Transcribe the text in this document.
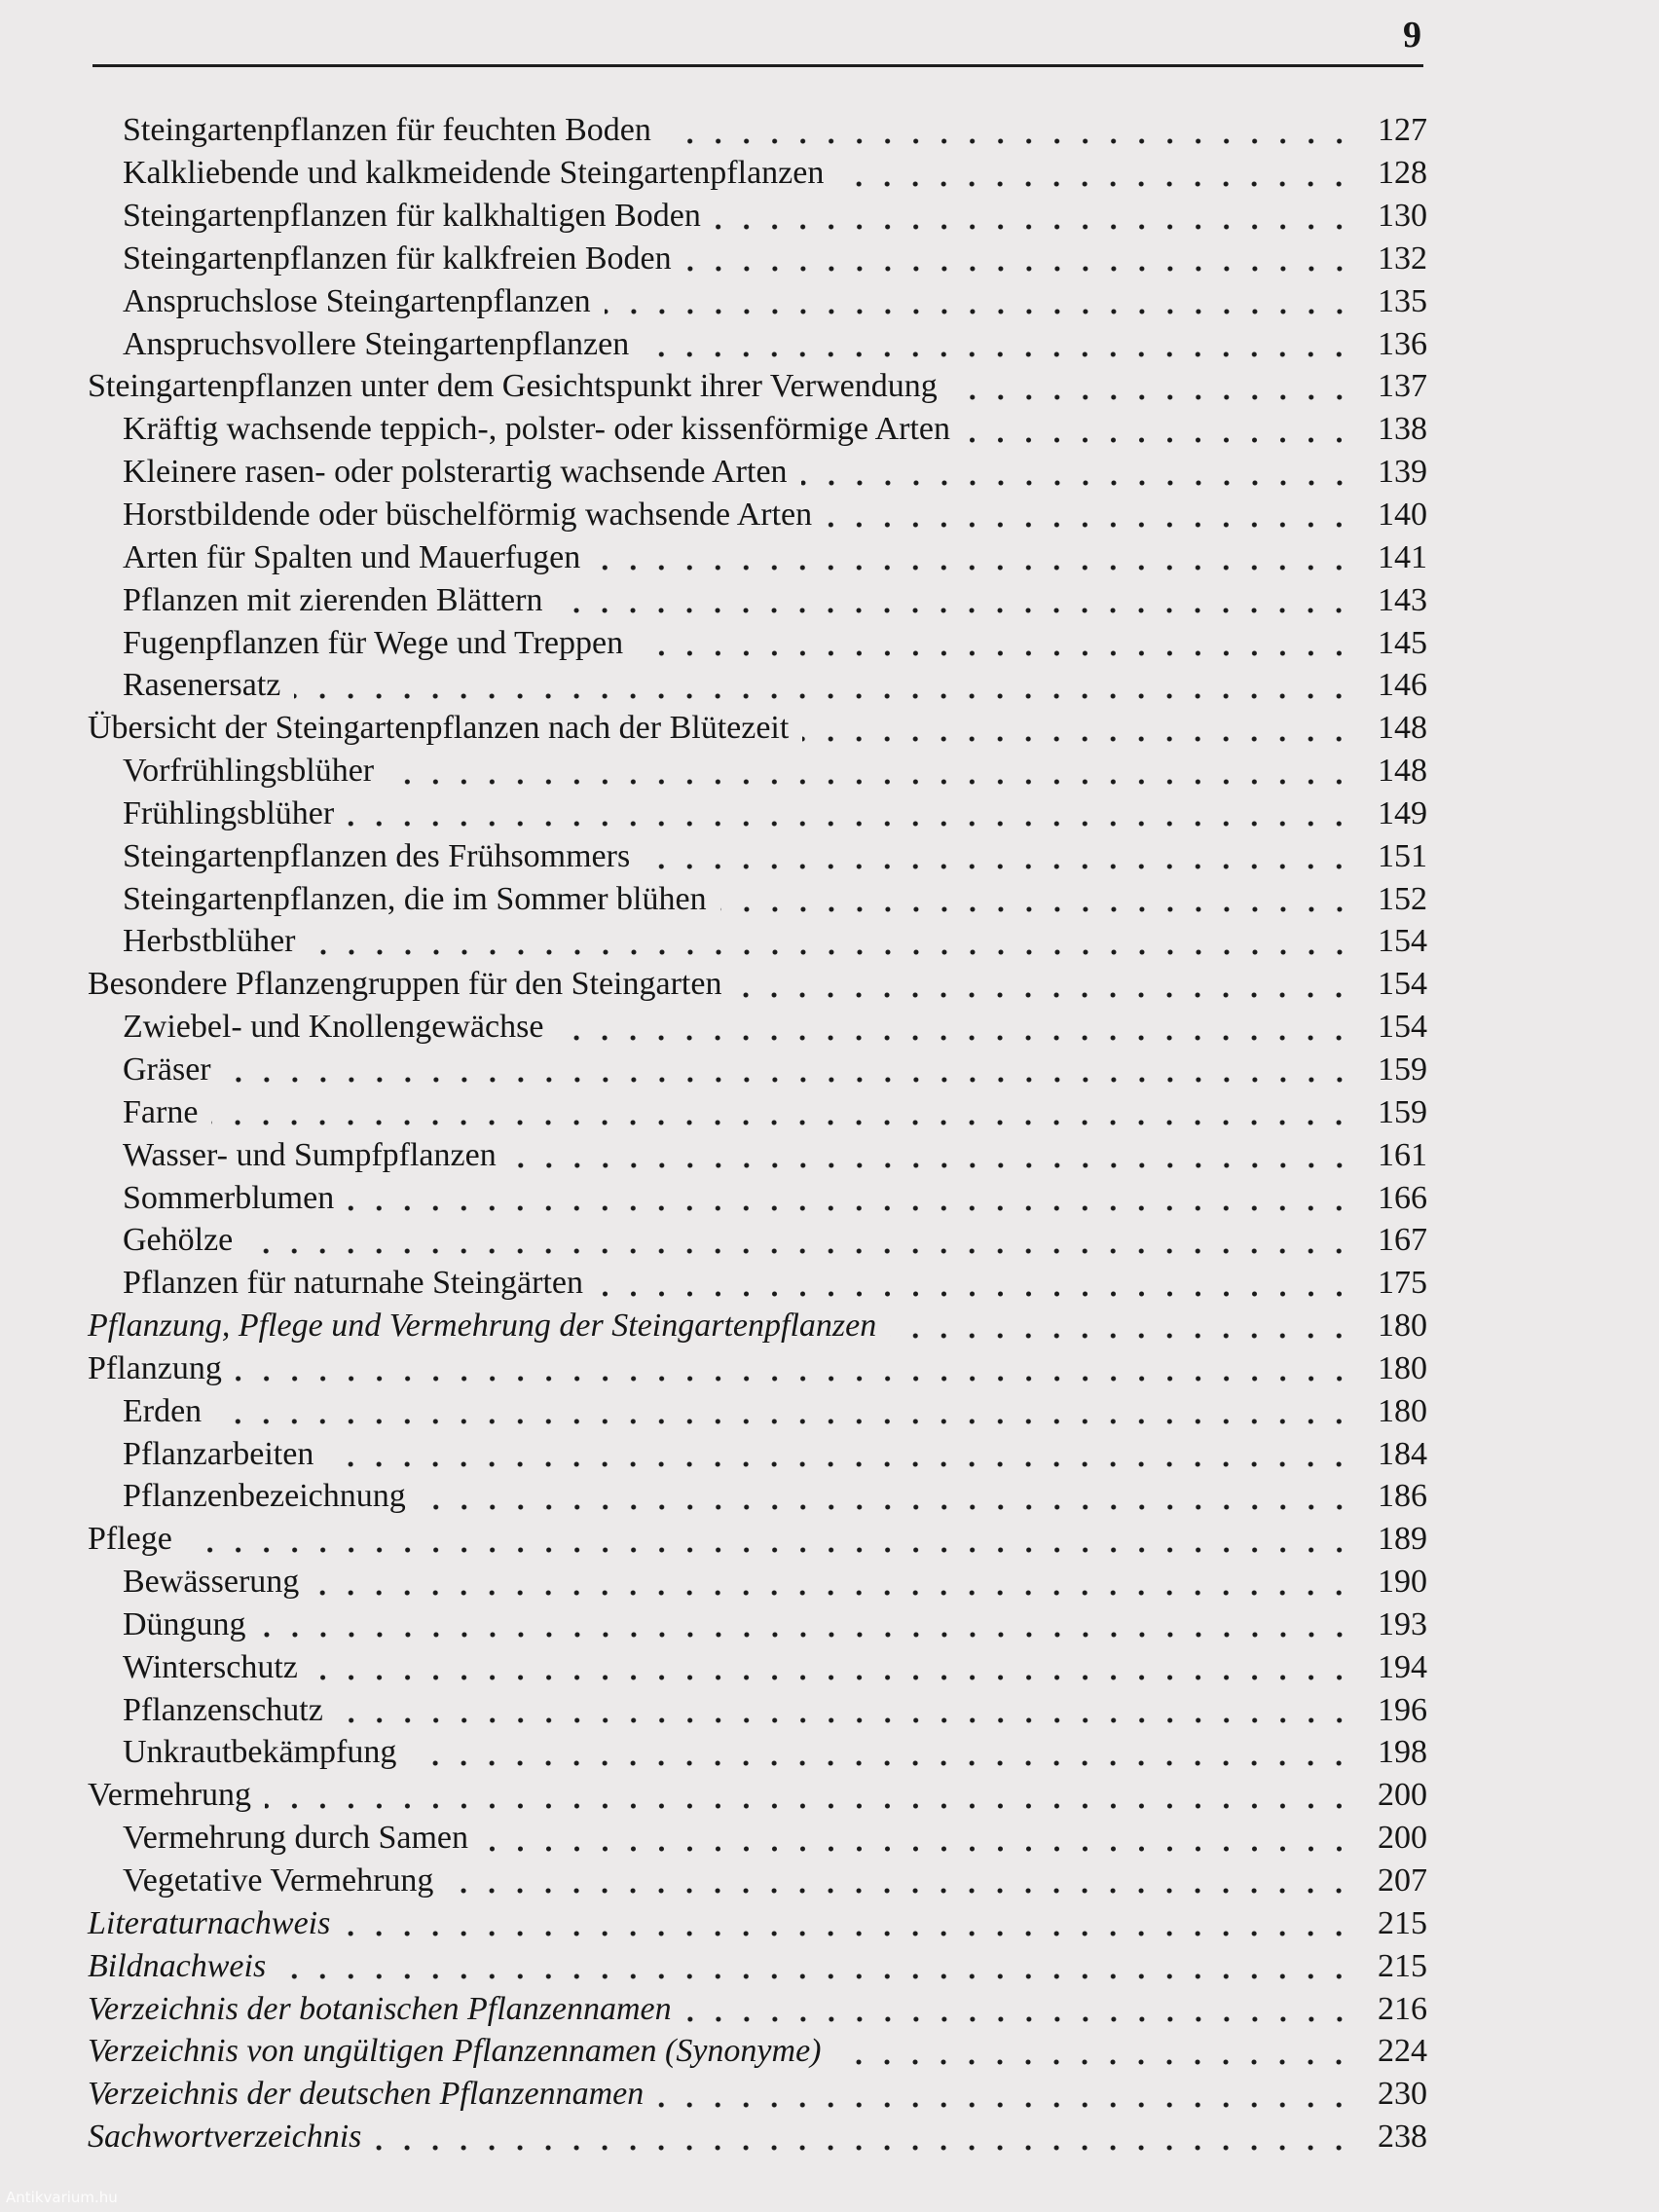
9
Steingartenpflanzen für feuchten Boden	127
Kalkliebende und kalkmeidende Steingartenpflanzen	128
Steingartenpflanzen für kalkhaltigen Boden	130
Steingartenpflanzen für kalkfreien Boden	132
Anspruchslose Steingartenpflanzen	135
Anspruchsvollere Steingartenpflanzen	136
Steingartenpflanzen unter dem Gesichtspunkt ihrer Verwendung	137
Kräftig wachsende teppich-, polster- oder kissenförmige Arten	138
Kleinere rasen- oder polsterartig wachsende Arten	139
Horstbildende oder büschelförmig wachsende Arten	140
Arten für Spalten und Mauerfugen	141
Pflanzen mit zierenden Blättern	143
Fugenpflanzen für Wege und Treppen	145
Rasenersatz	146
Übersicht der Steingartenpflanzen nach der Blütezeit	148
Vorfrühlingsblüher	148
Frühlingsblüher	149
Steingartenpflanzen des Frühsommers	151
Steingartenpflanzen, die im Sommer blühen	152
Herbstblüher	154
Besondere Pflanzengruppen für den Steingarten	154
Zwiebel- und Knollengewächse	154
Gräser	159
Farne	159
Wasser- und Sumpfpflanzen	161
Sommerblumen	166
Gehölze	167
Pflanzen für naturnahe Steingärten	175
Pflanzung, Pflege und Vermehrung der Steingartenpflanzen	180
Pflanzung	180
Erden	180
Pflanzarbeiten	184
Pflanzenbezeichnung	186
Pflege	189
Bewässerung	190
Düngung	193
Winterschutz	194
Pflanzenschutz	196
Unkrautbekämpfung	198
Vermehrung	200
Vermehrung durch Samen	200
Vegetative Vermehrung	207
Literaturnachweis	215
Bildnachweis	215
Verzeichnis der botanischen Pflanzennamen	216
Verzeichnis von ungültigen Pflanzennamen (Synonyme)	224
Verzeichnis der deutschen Pflanzennamen	230
Sachwortverzeichnis	238
Antikvarium.hu
